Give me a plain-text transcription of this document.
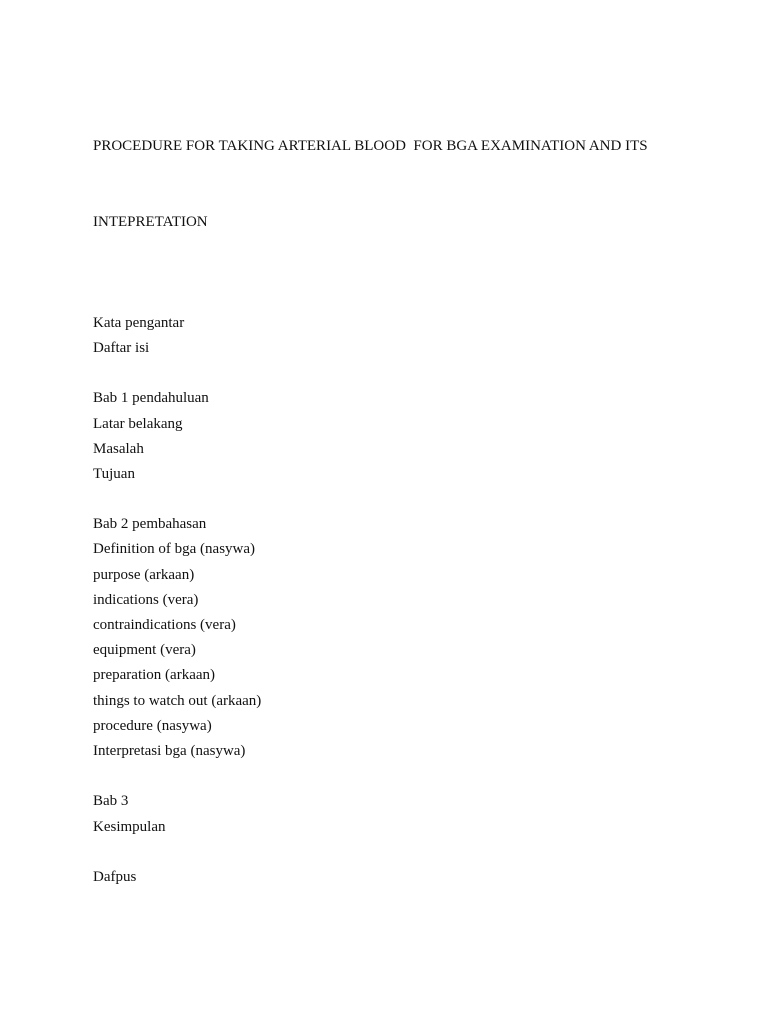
PROCEDURE FOR TAKING ARTERIAL BLOOD  FOR BGA EXAMINATION AND ITS

INTEPRETATION

Kata pengantar
Daftar isi
Bab 1 pendahuluan
Latar belakang
Masalah
Tujuan
Bab 2 pembahasan
Definition of bga (nasywa)
purpose (arkaan)
indications (vera)
contraindications (vera)
equipment (vera)
preparation (arkaan)
things to watch out (arkaan)
procedure (nasywa)
Interpretasi bga (nasywa)
Bab 3
Kesimpulan
Dafpus
